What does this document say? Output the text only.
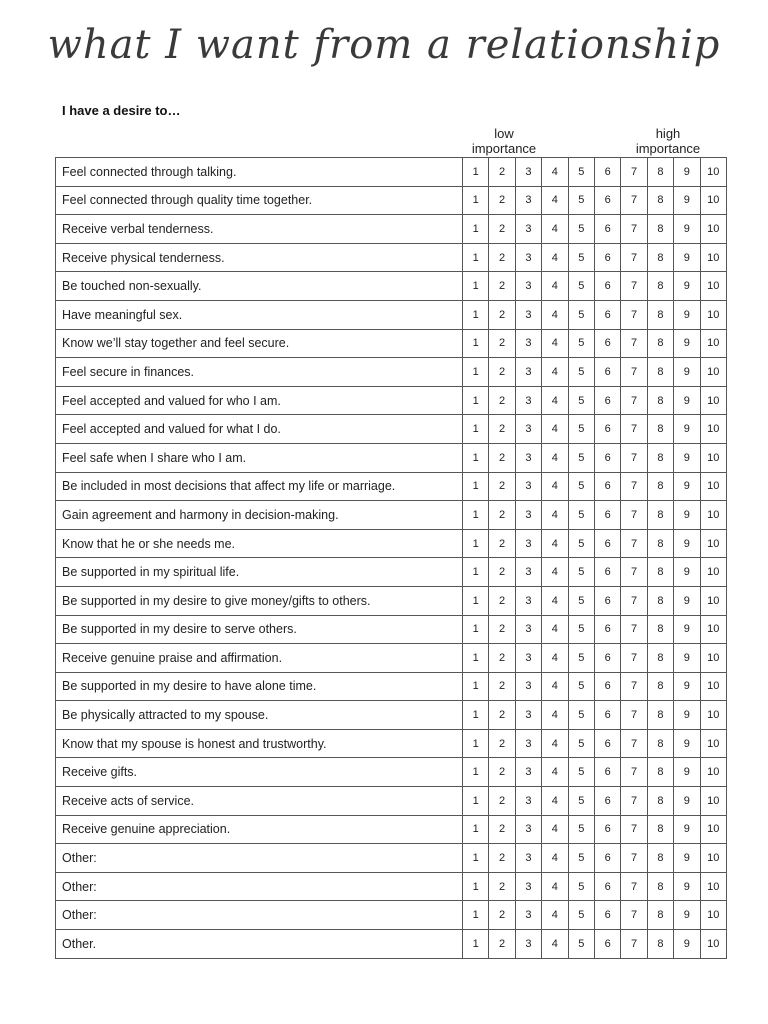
what I want from a relationship
I have a desire to…
low
importance
high
importance
Feel connected through talking.	1	2	3	4	5	6	7	8	9	10
Feel connected through quality time together.	1	2	3	4	5	6	7	8	9	10
Receive verbal tenderness.	1	2	3	4	5	6	7	8	9	10
Receive physical tenderness.	1	2	3	4	5	6	7	8	9	10
Be touched non-sexually.	1	2	3	4	5	6	7	8	9	10
Have meaningful sex.	1	2	3	4	5	6	7	8	9	10
Know we’ll stay together and feel secure.	1	2	3	4	5	6	7	8	9	10
Feel secure in finances.	1	2	3	4	5	6	7	8	9	10
Feel accepted and valued for who I am.	1	2	3	4	5	6	7	8	9	10
Feel accepted and valued for what I do.	1	2	3	4	5	6	7	8	9	10
Feel safe when I share who I am.	1	2	3	4	5	6	7	8	9	10
Be included in most decisions that affect my life or marriage.	1	2	3	4	5	6	7	8	9	10
Gain agreement and harmony in decision-making.	1	2	3	4	5	6	7	8	9	10
Know that he or she needs me.	1	2	3	4	5	6	7	8	9	10
Be supported in my spiritual life.	1	2	3	4	5	6	7	8	9	10
Be supported in my desire to give money/gifts to others.	1	2	3	4	5	6	7	8	9	10
Be supported in my desire to serve others.	1	2	3	4	5	6	7	8	9	10
Receive genuine praise and affirmation.	1	2	3	4	5	6	7	8	9	10
Be supported in my desire to have alone time.	1	2	3	4	5	6	7	8	9	10
Be physically attracted to my spouse.	1	2	3	4	5	6	7	8	9	10
Know that my spouse is honest and trustworthy.	1	2	3	4	5	6	7	8	9	10
Receive gifts.	1	2	3	4	5	6	7	8	9	10
Receive acts of service.	1	2	3	4	5	6	7	8	9	10
Receive genuine appreciation.	1	2	3	4	5	6	7	8	9	10
Other:	1	2	3	4	5	6	7	8	9	10
Other:	1	2	3	4	5	6	7	8	9	10
Other:	1	2	3	4	5	6	7	8	9	10
Other.	1	2	3	4	5	6	7	8	9	10
